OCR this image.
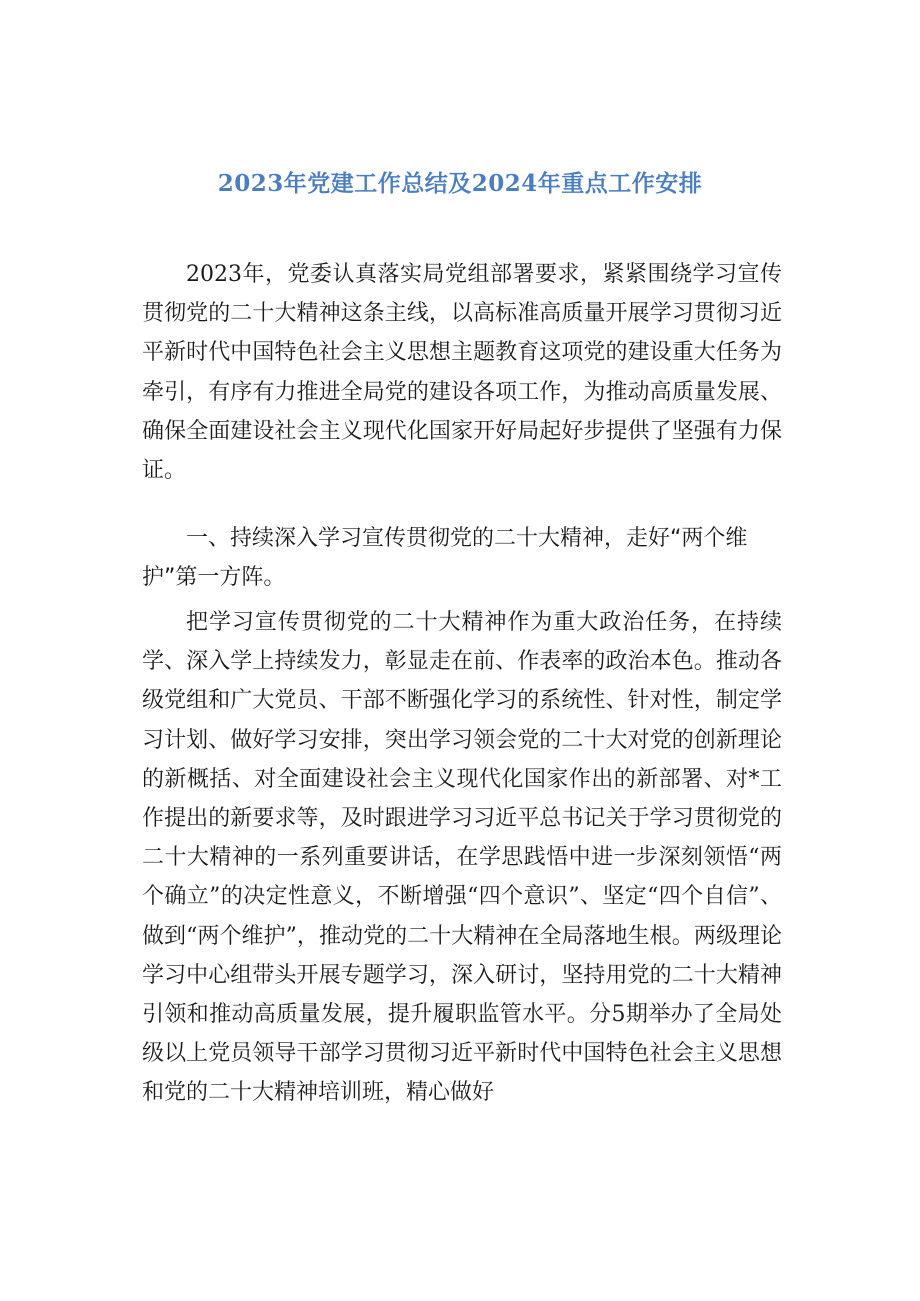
2023年党建工作总结及2024年重点工作安排

2023年，党委认真落实局党组部署要求，紧紧围绕学习宣传贯彻党的二十大精神这条主线，以高标准高质量开展学习贯彻习近平新时代中国特色社会主义思想主题教育这项党的建设重大任务为牵引，有序有力推进全局党的建设各项工作，为推动高质量发展、确保全面建设社会主义现代化国家开好局起好步提供了坚强有力保证。

一、持续深入学习宣传贯彻党的二十大精神，走好“两个维护”第一方阵。

把学习宣传贯彻党的二十大精神作为重大政治任务，在持续学、深入学上持续发力，彰显走在前、作表率的政治本色。推动各级党组和广大党员、干部不断强化学习的系统性、针对性，制定学习计划、做好学习安排，突出学习领会党的二十大对党的创新理论的新概括、对全面建设社会主义现代化国家作出的新部署、对*工作提出的新要求等，及时跟进学习习近平总书记关于学习贯彻党的二十大精神的一系列重要讲话，在学思践悟中进一步深刻领悟“两个确立”的决定性意义，不断增强“四个意识”、坚定“四个自信”、做到“两个维护”，推动党的二十大精神在全局落地生根。两级理论学习中心组带头开展专题学习，深入研讨，坚持用党的二十大精神引领和推动高质量发展，提升履职监管水平。分5期举办了全局处级以上党员领导干部学习贯彻习近平新时代中国特色社会主义思想和党的二十大精神培训班，精心做好
